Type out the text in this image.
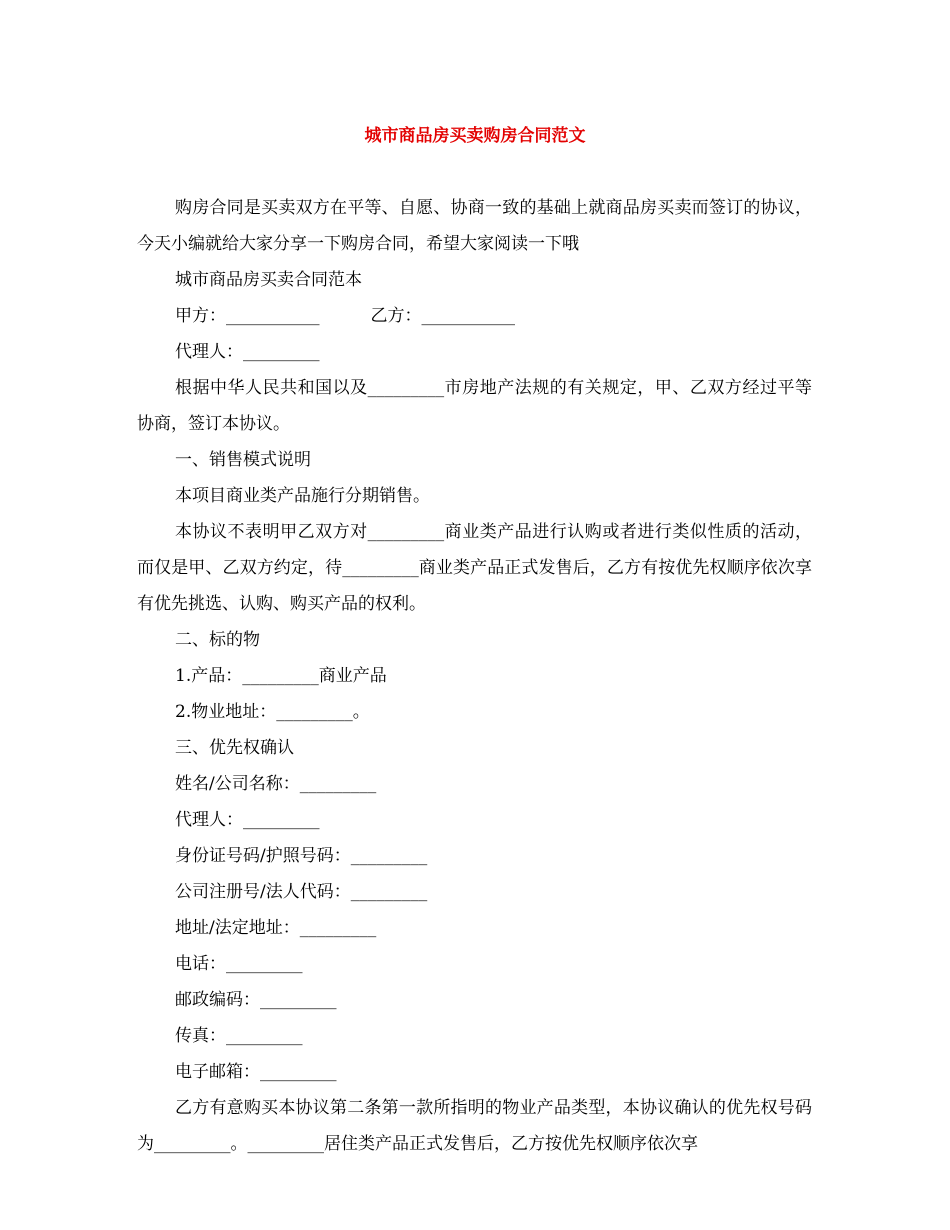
城市商品房买卖购房合同范文

购房合同是买卖双方在平等、自愿、协商一致的基础上就商品房买卖而签订的协议，今天小编就给大家分享一下购房合同，希望大家阅读一下哦

城市商品房买卖合同范本

甲方：___________　　　乙方：___________

代理人：_________

根据中华人民共和国以及_________市房地产法规的有关规定，甲、乙双方经过平等协商，签订本协议。

一、销售模式说明

本项目商业类产品施行分期销售。

本协议不表明甲乙双方对_________商业类产品进行认购或者进行类似性质的活动，而仅是甲、乙双方约定，待_________商业类产品正式发售后，乙方有按优先权顺序依次享有优先挑选、认购、购买产品的权利。

二、标的物

1.产品：_________商业产品

2.物业地址：_________。

三、优先权确认

姓名/公司名称：_________

代理人：_________

身份证号码/护照号码：_________

公司注册号/法人代码：_________

地址/法定地址：_________

电话：_________

邮政编码：_________

传真：_________

电子邮箱：_________

乙方有意购买本协议第二条第一款所指明的物业产品类型，本协议确认的优先权号码为_________。_________居住类产品正式发售后，乙方按优先权顺序依次享
